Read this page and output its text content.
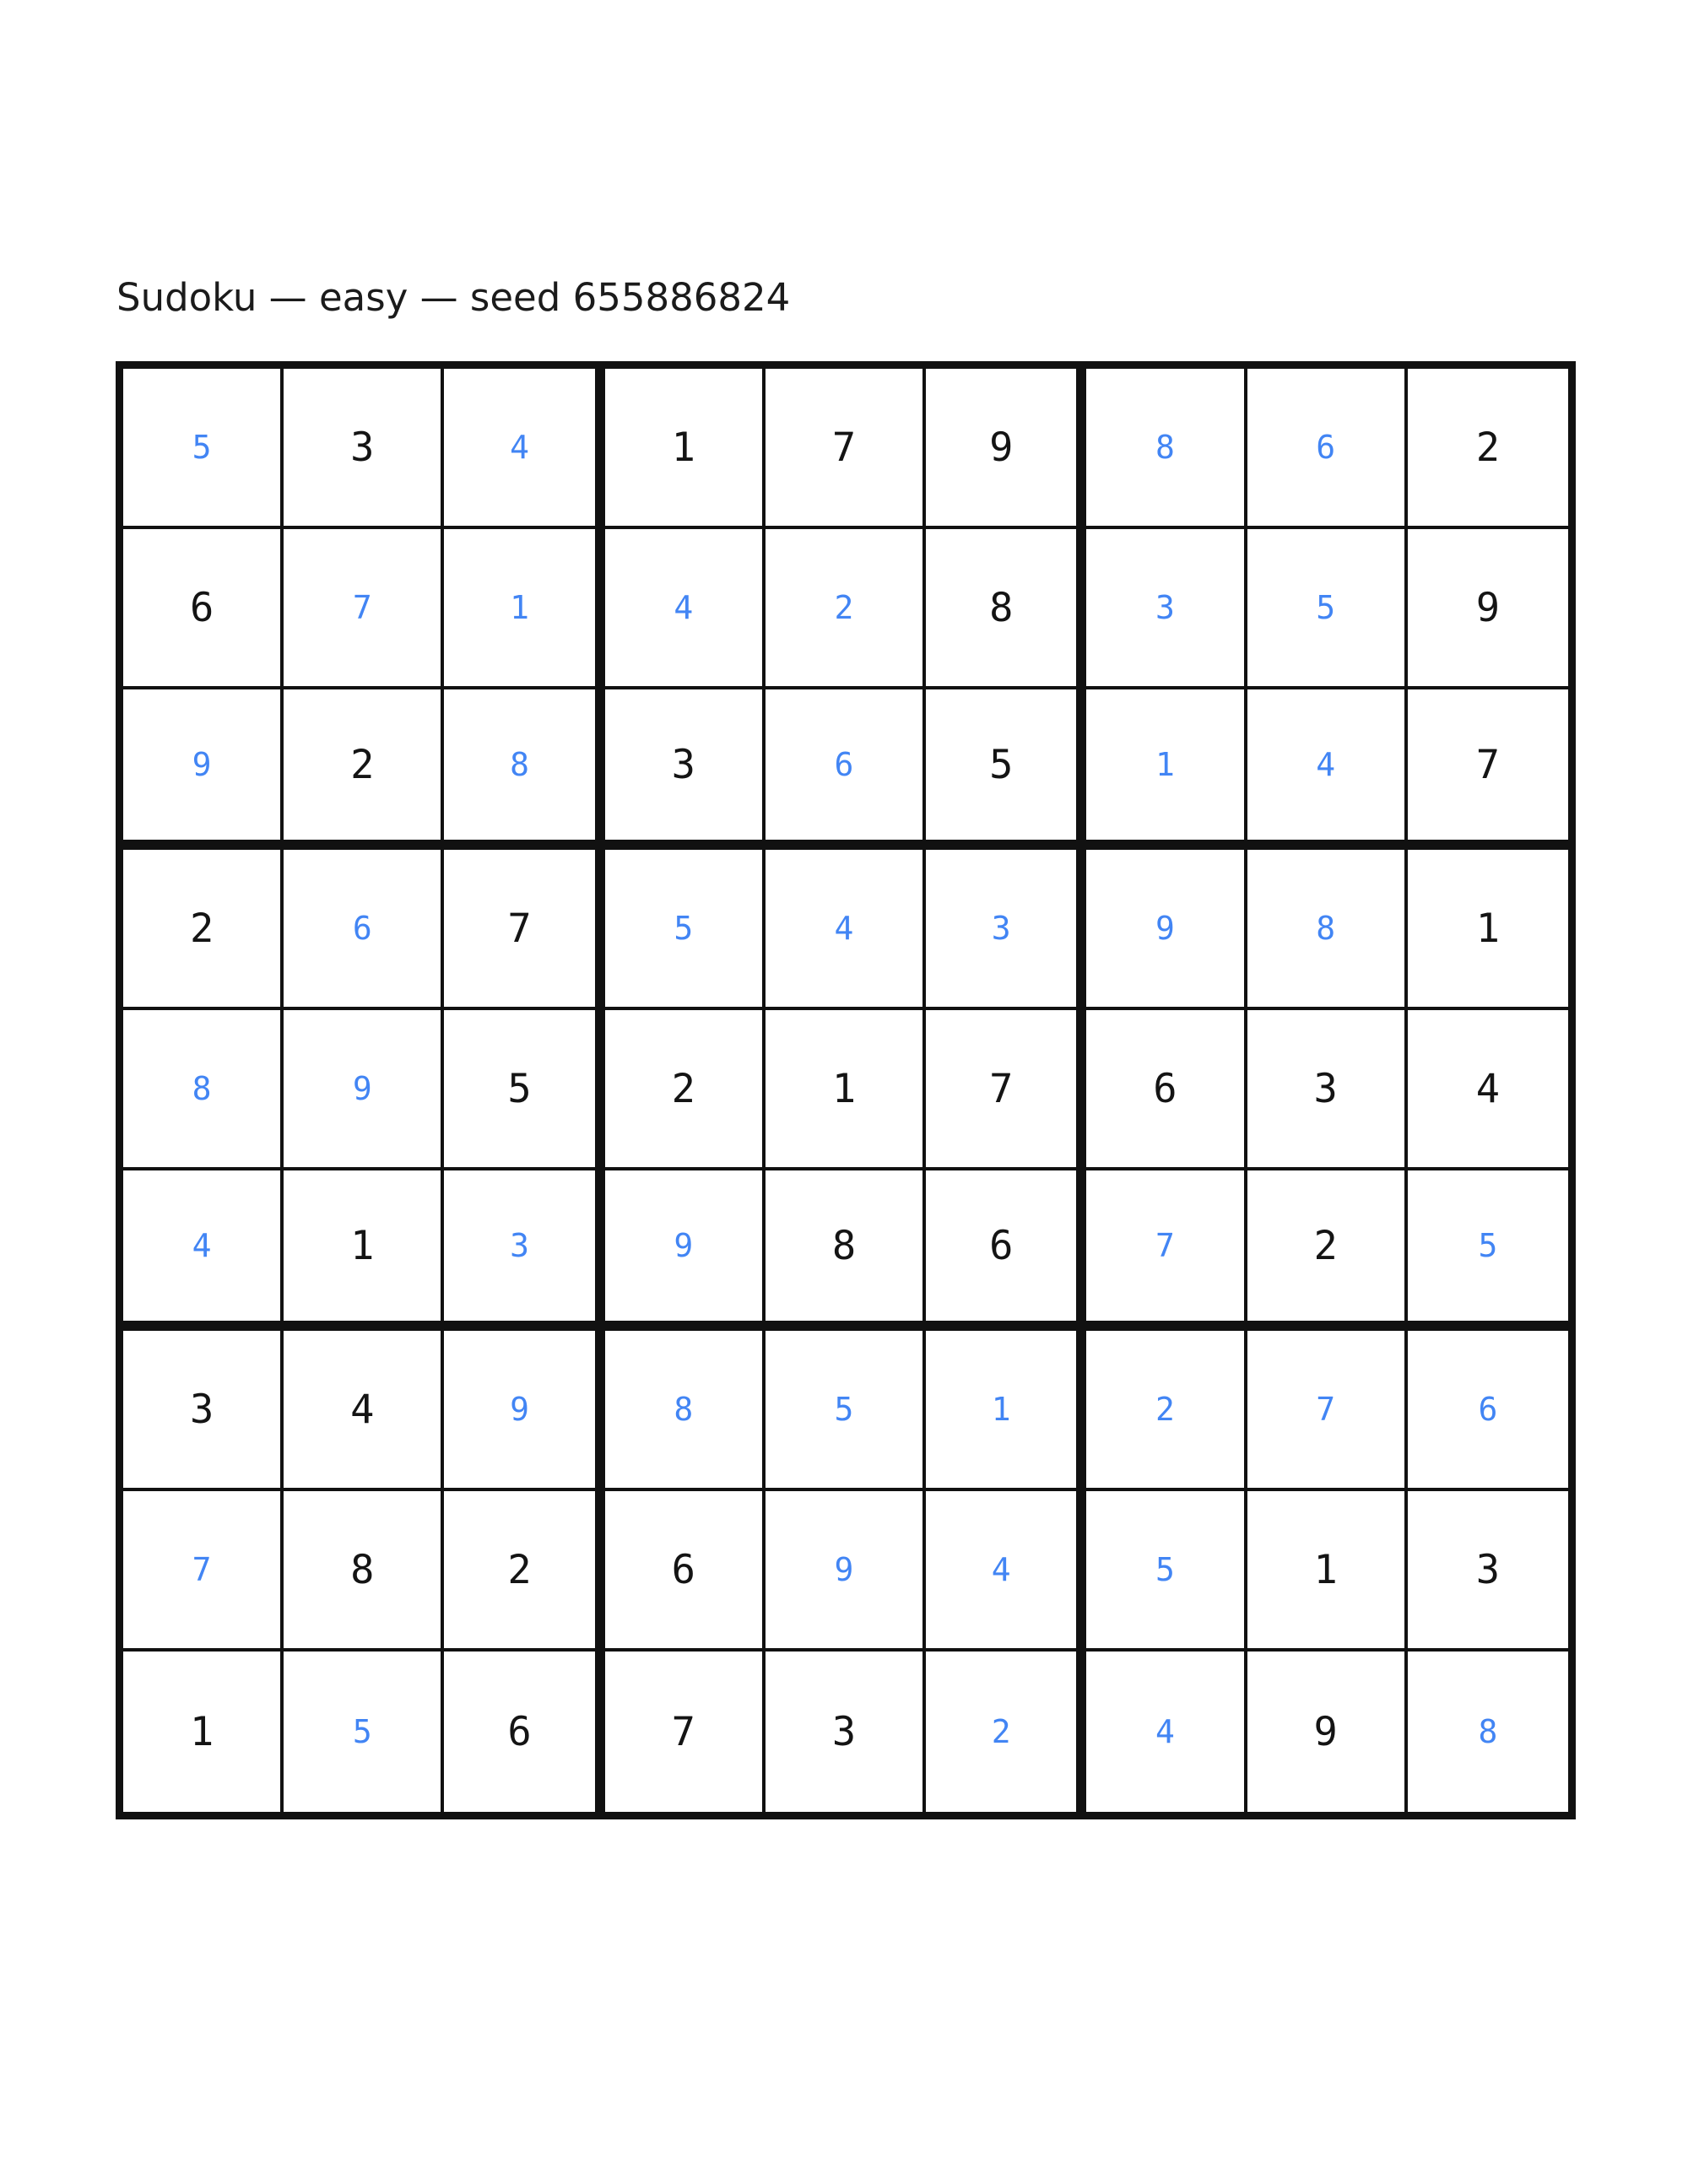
Sudoku — easy — seed 655886824
5	3	4	1	7	9	8	6	2
6	7	1	4	2	8	3	5	9
9	2	8	3	6	5	1	4	7
2	6	7	5	4	3	9	8	1
8	9	5	2	1	7	6	3	4
4	1	3	9	8	6	7	2	5
3	4	9	8	5	1	2	7	6
7	8	2	6	9	4	5	1	3
1	5	6	7	3	2	4	9	8
